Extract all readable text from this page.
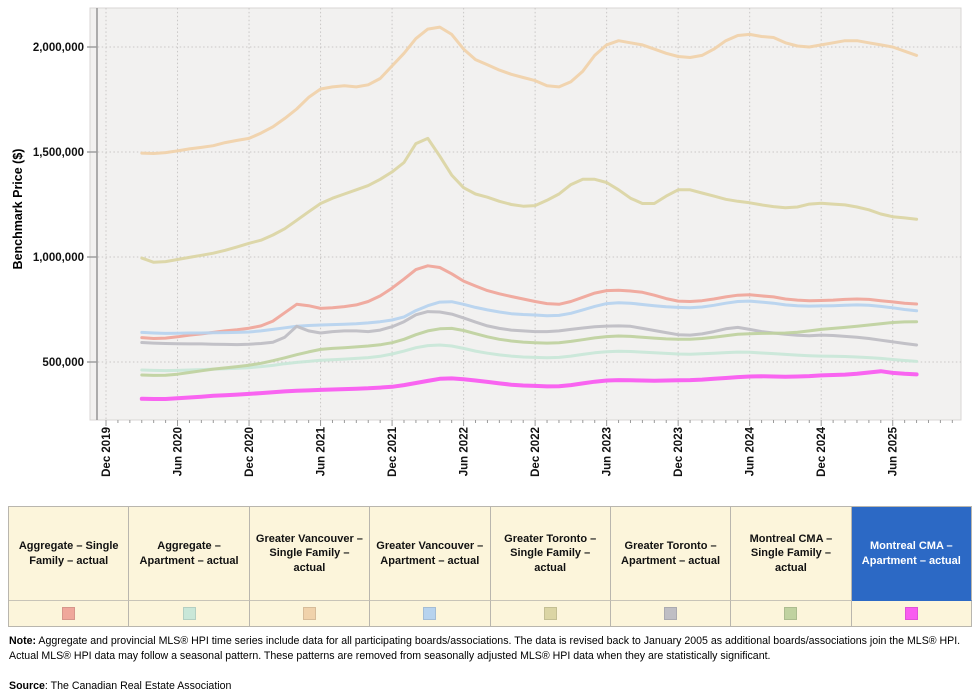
2,000,000
1,500,000
1,000,000
500,000
Dec 2019	Jun 2020	Dec 2020	Jun 2021	Dec 2021	Jun 2022	Dec 2022	Jun 2023	Dec 2023	Jun 2024	Dec 2024	Jun 2025
Benchmark Price ($)
Aggregate – Single Family – actual
Aggregate – Apartment – actual
Greater Vancouver – Single Family – actual
Greater Vancouver – Apartment – actual
Greater Toronto – Single Family – actual
Greater Toronto – Apartment – actual
Montreal CMA – Single Family – actual
Montreal CMA – Apartment – actual
Note: Aggregate and provincial MLS® HPI time series include data for all participating boards/associations. The data is revised back to January 2005 as additional boards/associations join the MLS® HPI. Actual MLS® HPI data may follow a seasonal pattern. These patterns are removed from seasonally adjusted MLS® HPI data when they are statistically significant.
Source: The Canadian Real Estate Association
